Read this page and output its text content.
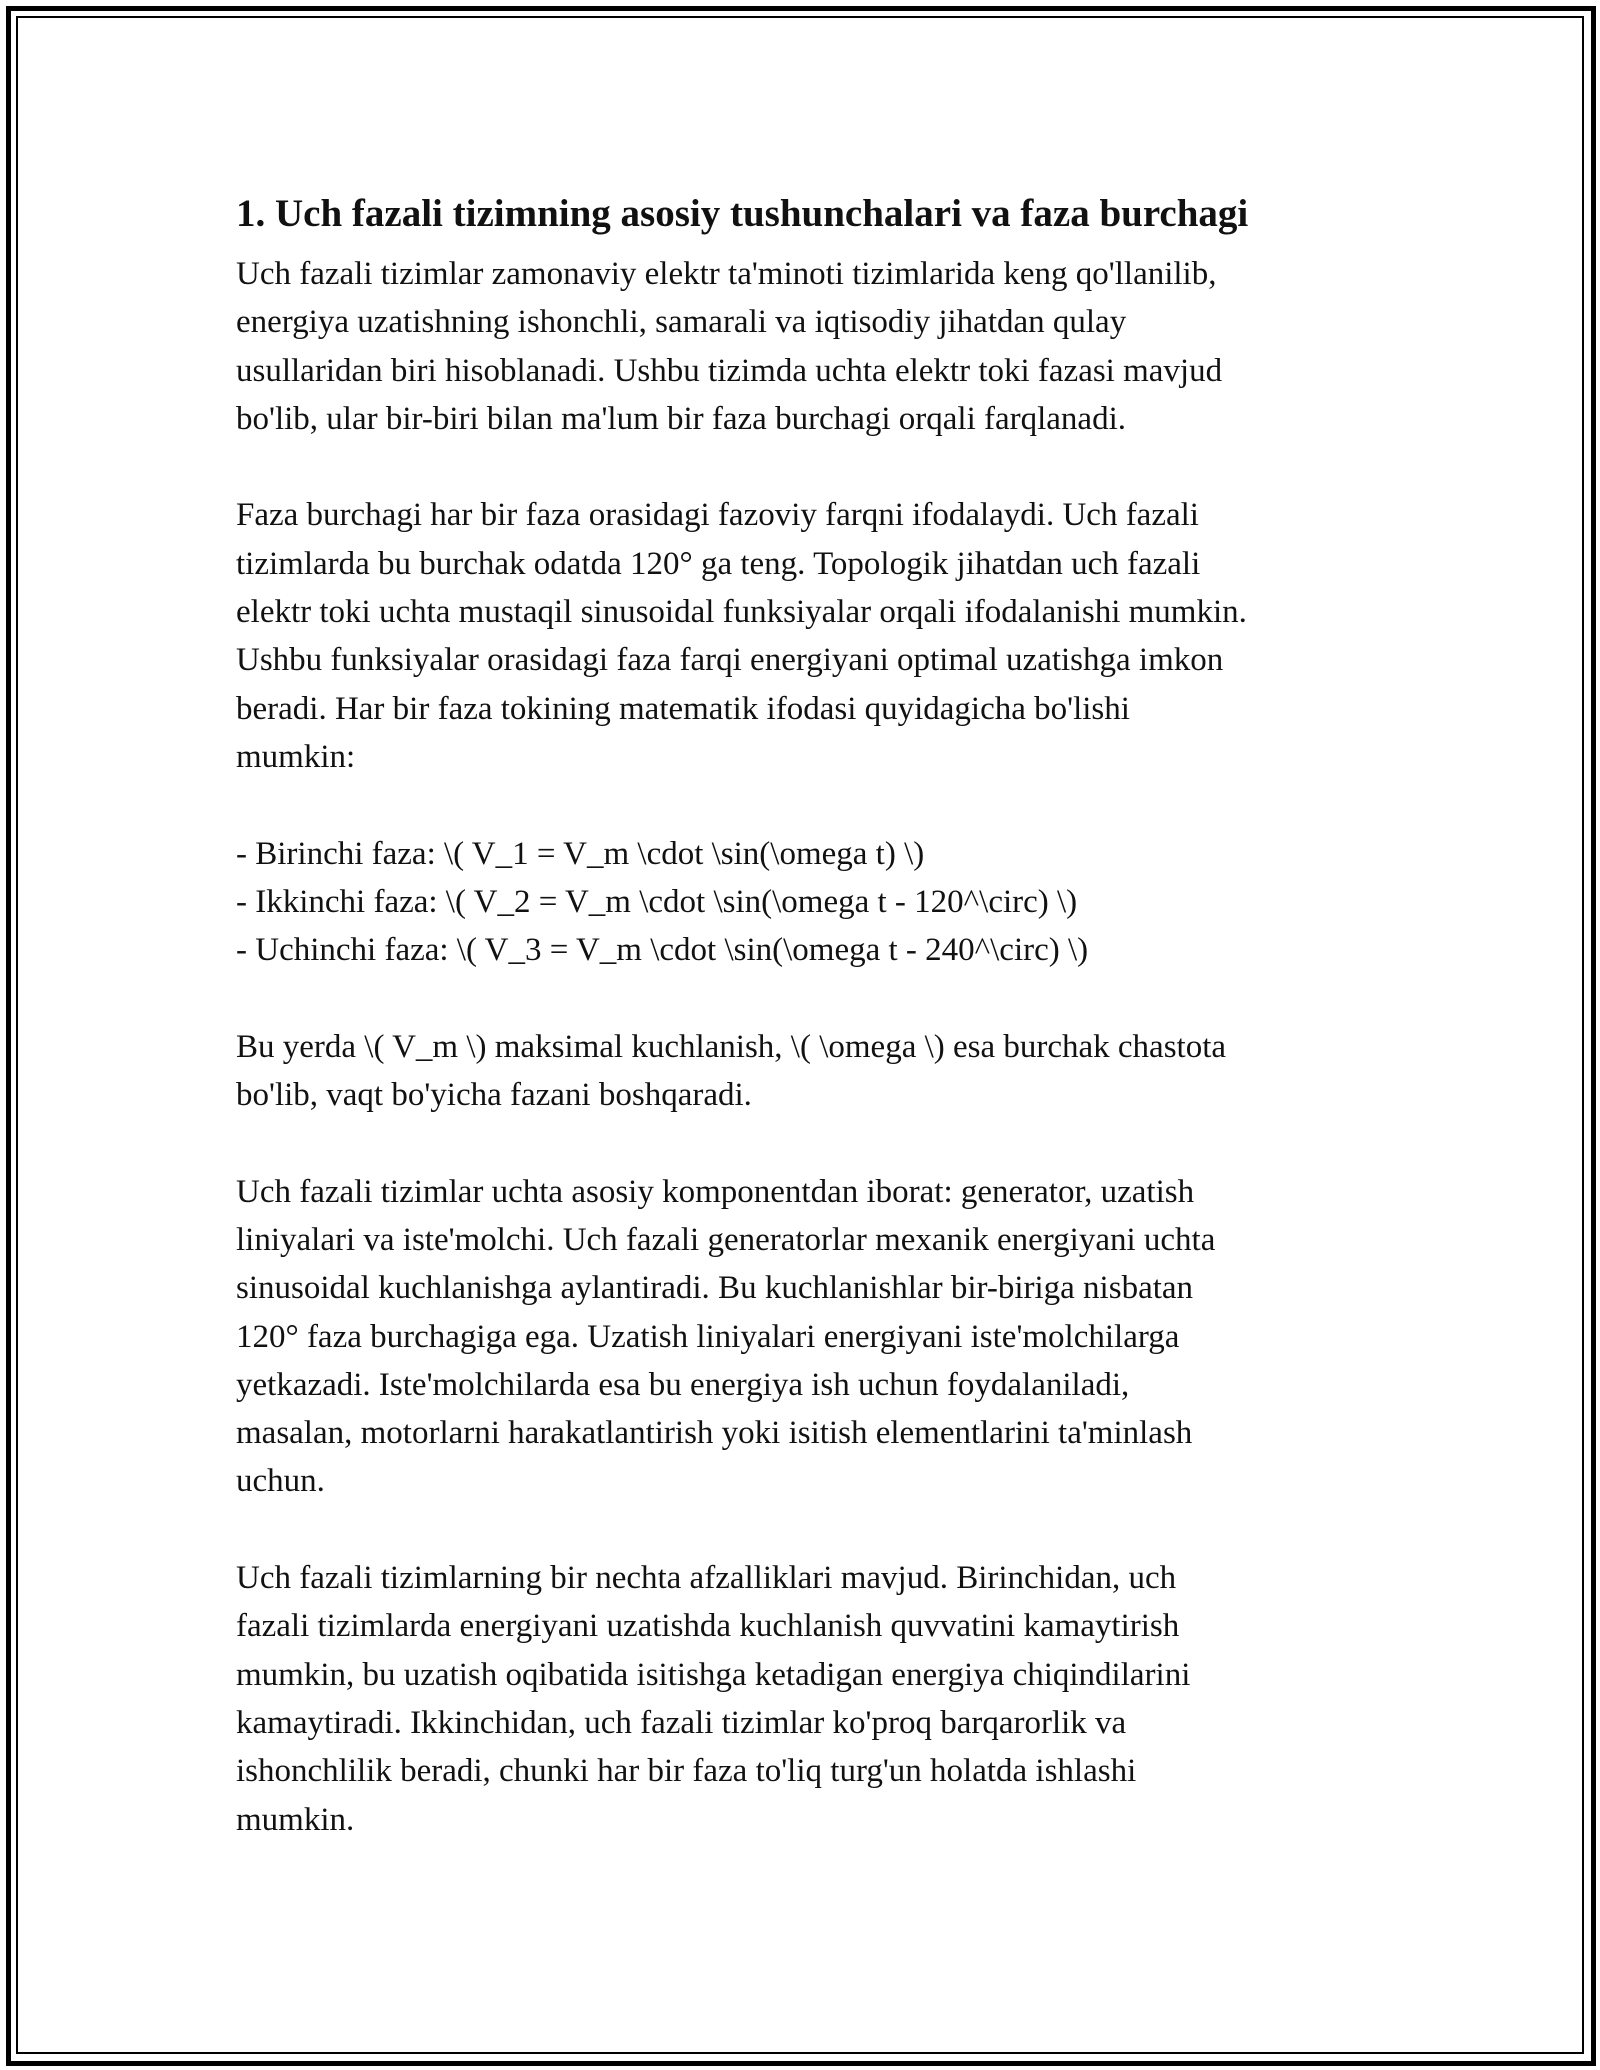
1. Uch fazali tizimning asosiy tushunchalari va faza burchagi

Uch fazali tizimlar zamonaviy elektr ta'minoti tizimlarida keng qo'llanilib,
energiya uzatishning ishonchli, samarali va iqtisodiy jihatdan qulay
usullaridan biri hisoblanadi. Ushbu tizimda uchta elektr toki fazasi mavjud
bo'lib, ular bir-biri bilan ma'lum bir faza burchagi orqali farqlanadi.

Faza burchagi har bir faza orasidagi fazoviy farqni ifodalaydi. Uch fazali
tizimlarda bu burchak odatda 120° ga teng. Topologik jihatdan uch fazali
elektr toki uchta mustaqil sinusoidal funksiyalar orqali ifodalanishi mumkin.
Ushbu funksiyalar orasidagi faza farqi energiyani optimal uzatishga imkon
beradi. Har bir faza tokining matematik ifodasi quyidagicha bo'lishi
mumkin:

- Birinchi faza: \( V_1 = V_m \cdot \sin(\omega t) \)
- Ikkinchi faza: \( V_2 = V_m \cdot \sin(\omega t - 120^\circ) \)
- Uchinchi faza: \( V_3 = V_m \cdot \sin(\omega t - 240^\circ) \)

Bu yerda \( V_m \) maksimal kuchlanish, \( \omega \) esa burchak chastota
bo'lib, vaqt bo'yicha fazani boshqaradi.

Uch fazali tizimlar uchta asosiy komponentdan iborat: generator, uzatish
liniyalari va iste'molchi. Uch fazali generatorlar mexanik energiyani uchta
sinusoidal kuchlanishga aylantiradi. Bu kuchlanishlar bir-biriga nisbatan
120° faza burchagiga ega. Uzatish liniyalari energiyani iste'molchilarga
yetkazadi. Iste'molchilarda esa bu energiya ish uchun foydalaniladi,
masalan, motorlarni harakatlantirish yoki isitish elementlarini ta'minlash
uchun.

Uch fazali tizimlarning bir nechta afzalliklari mavjud. Birinchidan, uch
fazali tizimlarda energiyani uzatishda kuchlanish quvvatini kamaytirish
mumkin, bu uzatish oqibatida isitishga ketadigan energiya chiqindilarini
kamaytiradi. Ikkinchidan, uch fazali tizimlar ko'proq barqarorlik va
ishonchlilik beradi, chunki har bir faza to'liq turg'un holatda ishlashi
mumkin.
